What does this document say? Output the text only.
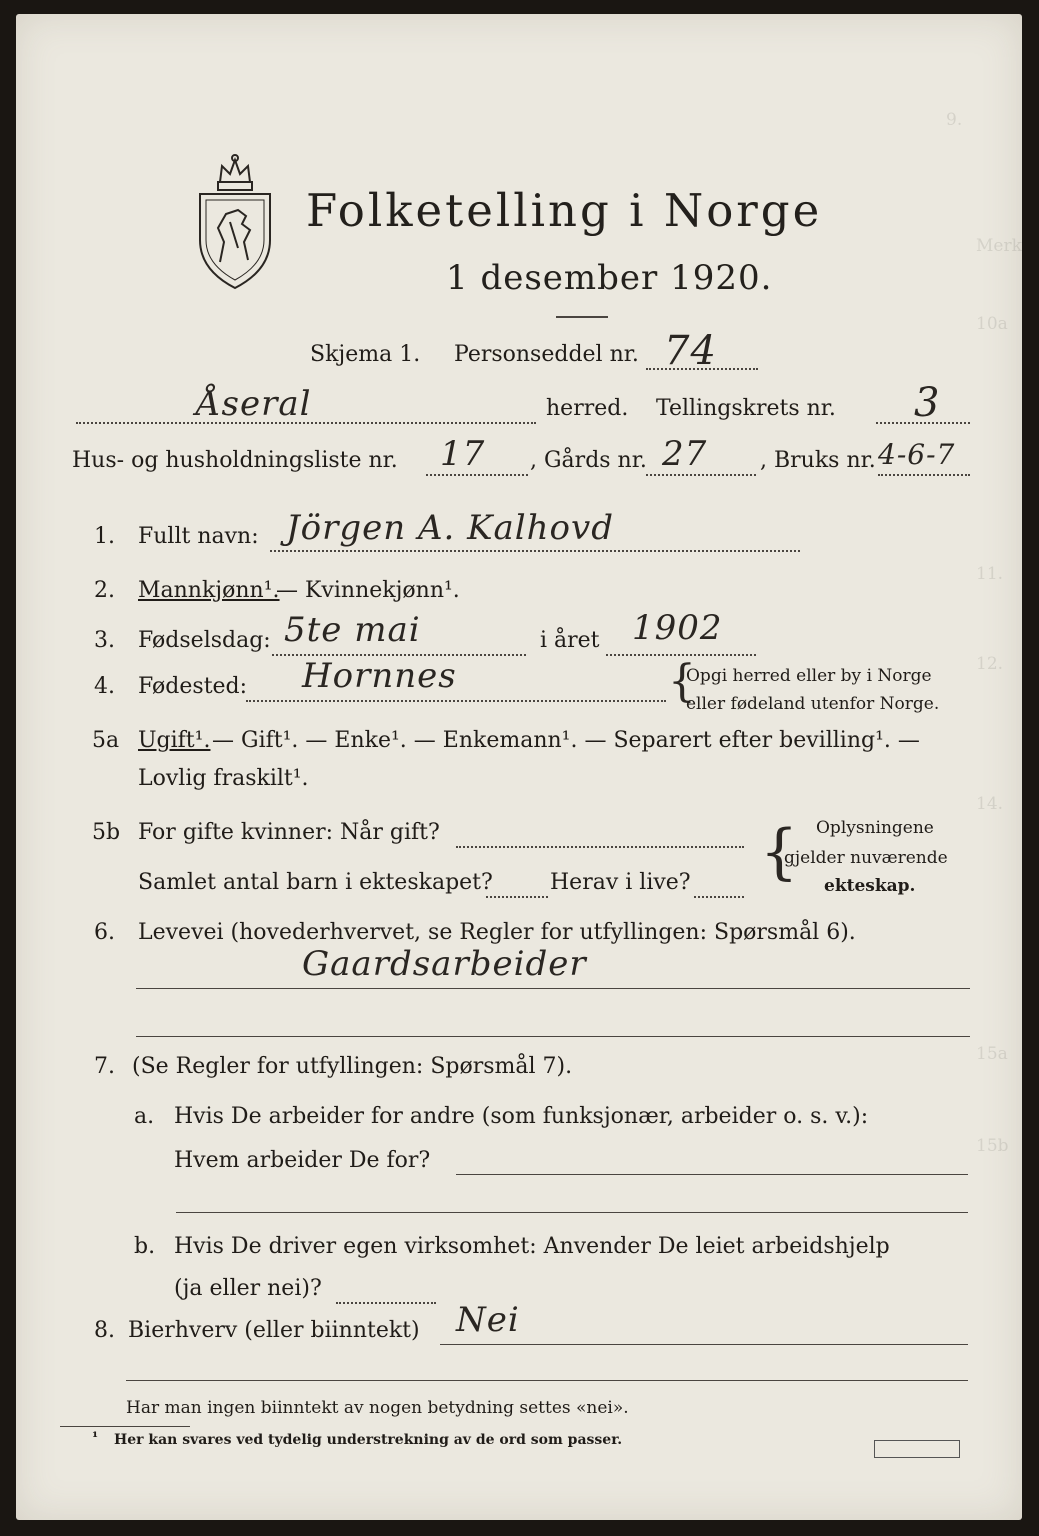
9.
Merk
10a
11.
12.
14.
15a
15b
Folketelling i Norge
1 desember 1920.
Skjema 1. Personseddel nr. 74
Åseral	herred. Tellingskrets nr. 3
Hus- og husholdningsliste nr. 17 , Gårds nr. 27 , Bruks nr. 4-6-7
1. Fullt navn: Jörgen A. Kalhovd
2. Mannkjønn¹.
— Kvinnekjønn¹.
3. Fødselsdag: 5te mai	i året 1902
4. Fødested: Hornnes	{
Opgi herred eller by i Norge
eller fødeland utenfor Norge.
5a Ugift¹. — Gift¹. — Enke¹. — Enkemann¹. — Separert efter bevilling¹. —
Lovlig fraskilt¹.
5b For gifte kvinner: Når gift?
Samlet antal barn i ekteskapet?	Herav i live? { Oplysningene
gjelder nuværende
ekteskap.
6. Levevei (hovederhvervet, se Regler for utfyllingen: Spørsmål 6).
Gaardsarbeider
7. (Se Regler for utfyllingen: Spørsmål 7).
a. Hvis De arbeider for andre (som funksjonær, arbeider o. s. v.):
Hvem arbeider De for?
b. Hvis De driver egen virksomhet: Anvender De leiet arbeidshjelp
(ja eller nei)?
8. Bierhverv (eller biinntekt) Nei
Har man ingen biinntekt av nogen betydning settes «nei».
¹ Her kan svares ved tydelig understrekning av de ord som passer.
